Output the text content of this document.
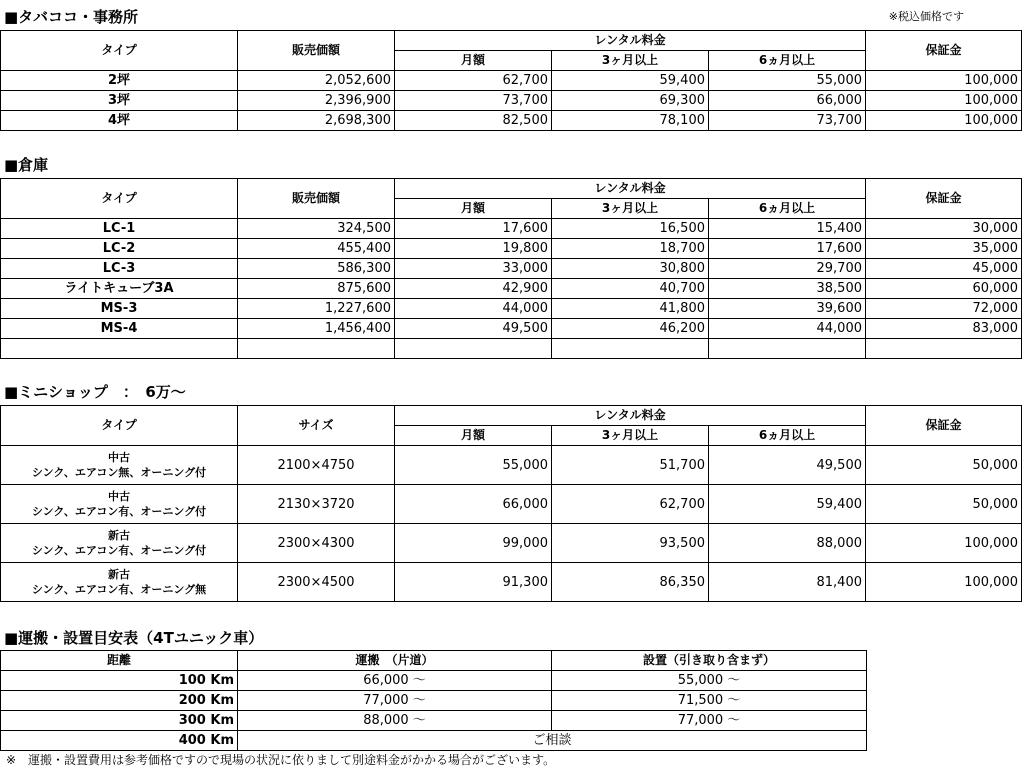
■タバココ・事務所	※税込価格です
タイプ	販売価額	レンタル料金			保証金
		月額	3ヶ月以上	6ヵ月以上	
2坪	2,052,600	62,700	59,400	55,000	100,000
3坪	2,396,900	73,700	69,300	66,000	100,000
4坪	2,698,300	82,500	78,100	73,700	100,000
■倉庫
タイプ	販売価額	レンタル料金			保証金
		月額	3ヶ月以上	6ヵ月以上	
LC-1	324,500	17,600	16,500	15,400	30,000
LC-2	455,400	19,800	18,700	17,600	35,000
LC-3	586,300	33,000	30,800	29,700	45,000
ライトキューブ3A	875,600	42,900	40,700	38,500	60,000
MS-3	1,227,600	44,000	41,800	39,600	72,000
MS-4	1,456,400	49,500	46,200	44,000	83,000

■ミニショップ　：　6万～
タイプ	サイズ	レンタル料金			保証金
		月額	3ヶ月以上	6ヵ月以上	

中古
シンク、エアコン無、オーニング付	2100×4750	55,000	51,700	49,500	50,000

中古
シンク、エアコン有、オーニング付	2130×3720	66,000	62,700	59,400	50,000

新古
シンク、エアコン有、オーニング付	2300×4300	99,000	93,500	88,000	100,000

新古
シンク、エアコン有、オーニング無	2300×4500	91,300	86,350	81,400	100,000
■運搬・設置目安表（4Tユニック車）
距離	運搬　（片道）	設置（引き取り含まず）
100 Km	66,000 ～	55,000 ～
200 Km	77,000 ～	71,500 ～
300 Km	88,000 ～	77,000 ～
400 Km	ご相談	
※　運搬・設置費用は参考価格ですので現場の状況に依りまして別途料金がかかる場合がございます。
